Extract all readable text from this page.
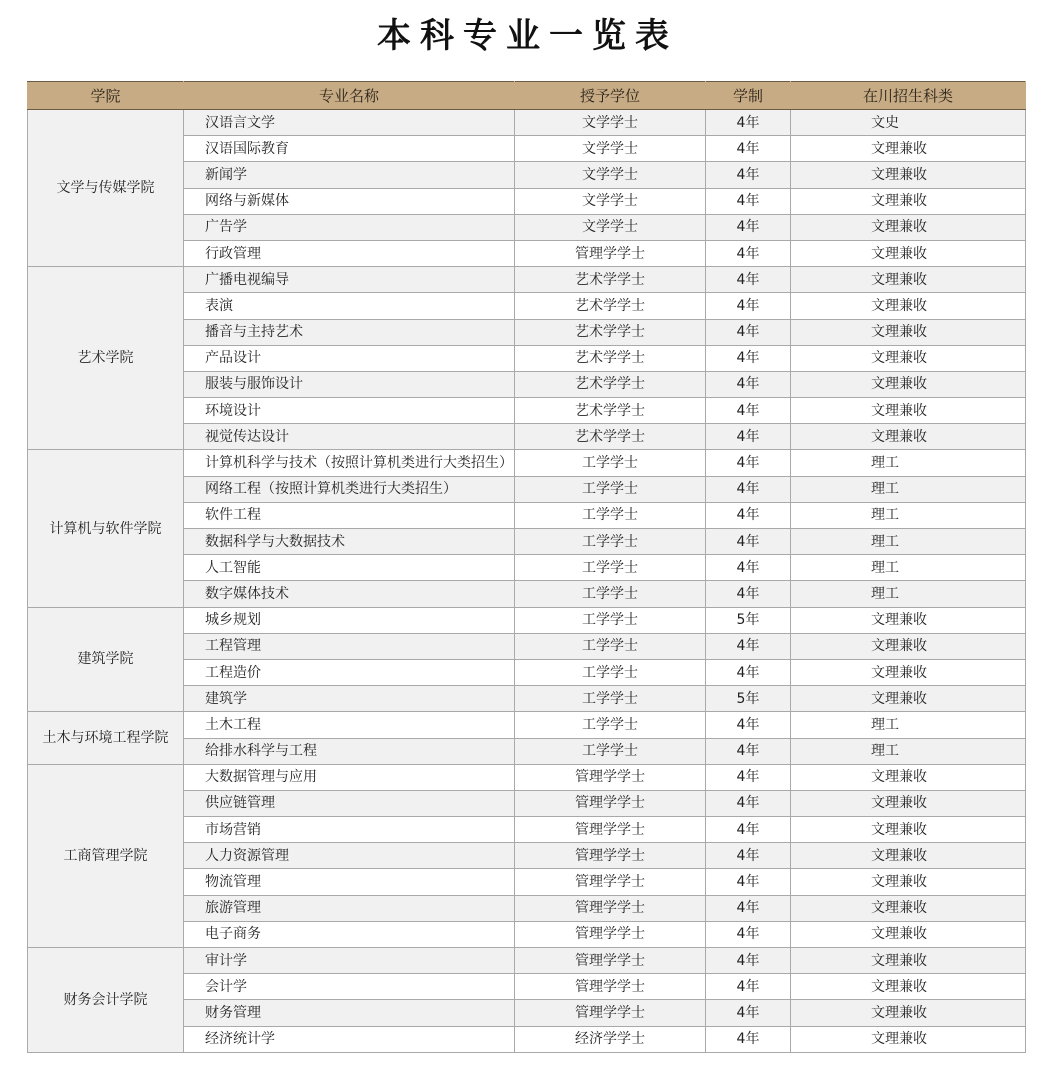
本科专业一览表
学院	专业名称	授予学位	学制	在川招生科类
文学与传媒学院	汉语言文学	文学学士	4年	文史
	汉语国际教育	文学学士	4年	文理兼收
	新闻学	文学学士	4年	文理兼收
	网络与新媒体	文学学士	4年	文理兼收
	广告学	文学学士	4年	文理兼收
	行政管理	管理学学士	4年	文理兼收
艺术学院	广播电视编导	艺术学学士	4年	文理兼收
	表演	艺术学学士	4年	文理兼收
	播音与主持艺术	艺术学学士	4年	文理兼收
	产品设计	艺术学学士	4年	文理兼收
	服装与服饰设计	艺术学学士	4年	文理兼收
	环境设计	艺术学学士	4年	文理兼收
	视觉传达设计	艺术学学士	4年	文理兼收
计算机与软件学院	计算机科学与技术（按照计算机类进行大类招生）	工学学士	4年	理工
	网络工程（按照计算机类进行大类招生）	工学学士	4年	理工
	软件工程	工学学士	4年	理工
	数据科学与大数据技术	工学学士	4年	理工
	人工智能	工学学士	4年	理工
	数字媒体技术	工学学士	4年	理工
建筑学院	城乡规划	工学学士	5年	文理兼收
	工程管理	工学学士	4年	文理兼收
	工程造价	工学学士	4年	文理兼收
	建筑学	工学学士	5年	文理兼收
土木与环境工程学院	土木工程	工学学士	4年	理工
	给排水科学与工程	工学学士	4年	理工
工商管理学院	大数据管理与应用	管理学学士	4年	文理兼收
	供应链管理	管理学学士	4年	文理兼收
	市场营销	管理学学士	4年	文理兼收
	人力资源管理	管理学学士	4年	文理兼收
	物流管理	管理学学士	4年	文理兼收
	旅游管理	管理学学士	4年	文理兼收
	电子商务	管理学学士	4年	文理兼收
财务会计学院	审计学	管理学学士	4年	文理兼收
	会计学	管理学学士	4年	文理兼收
	财务管理	管理学学士	4年	文理兼收
	经济统计学	经济学学士	4年	文理兼收
